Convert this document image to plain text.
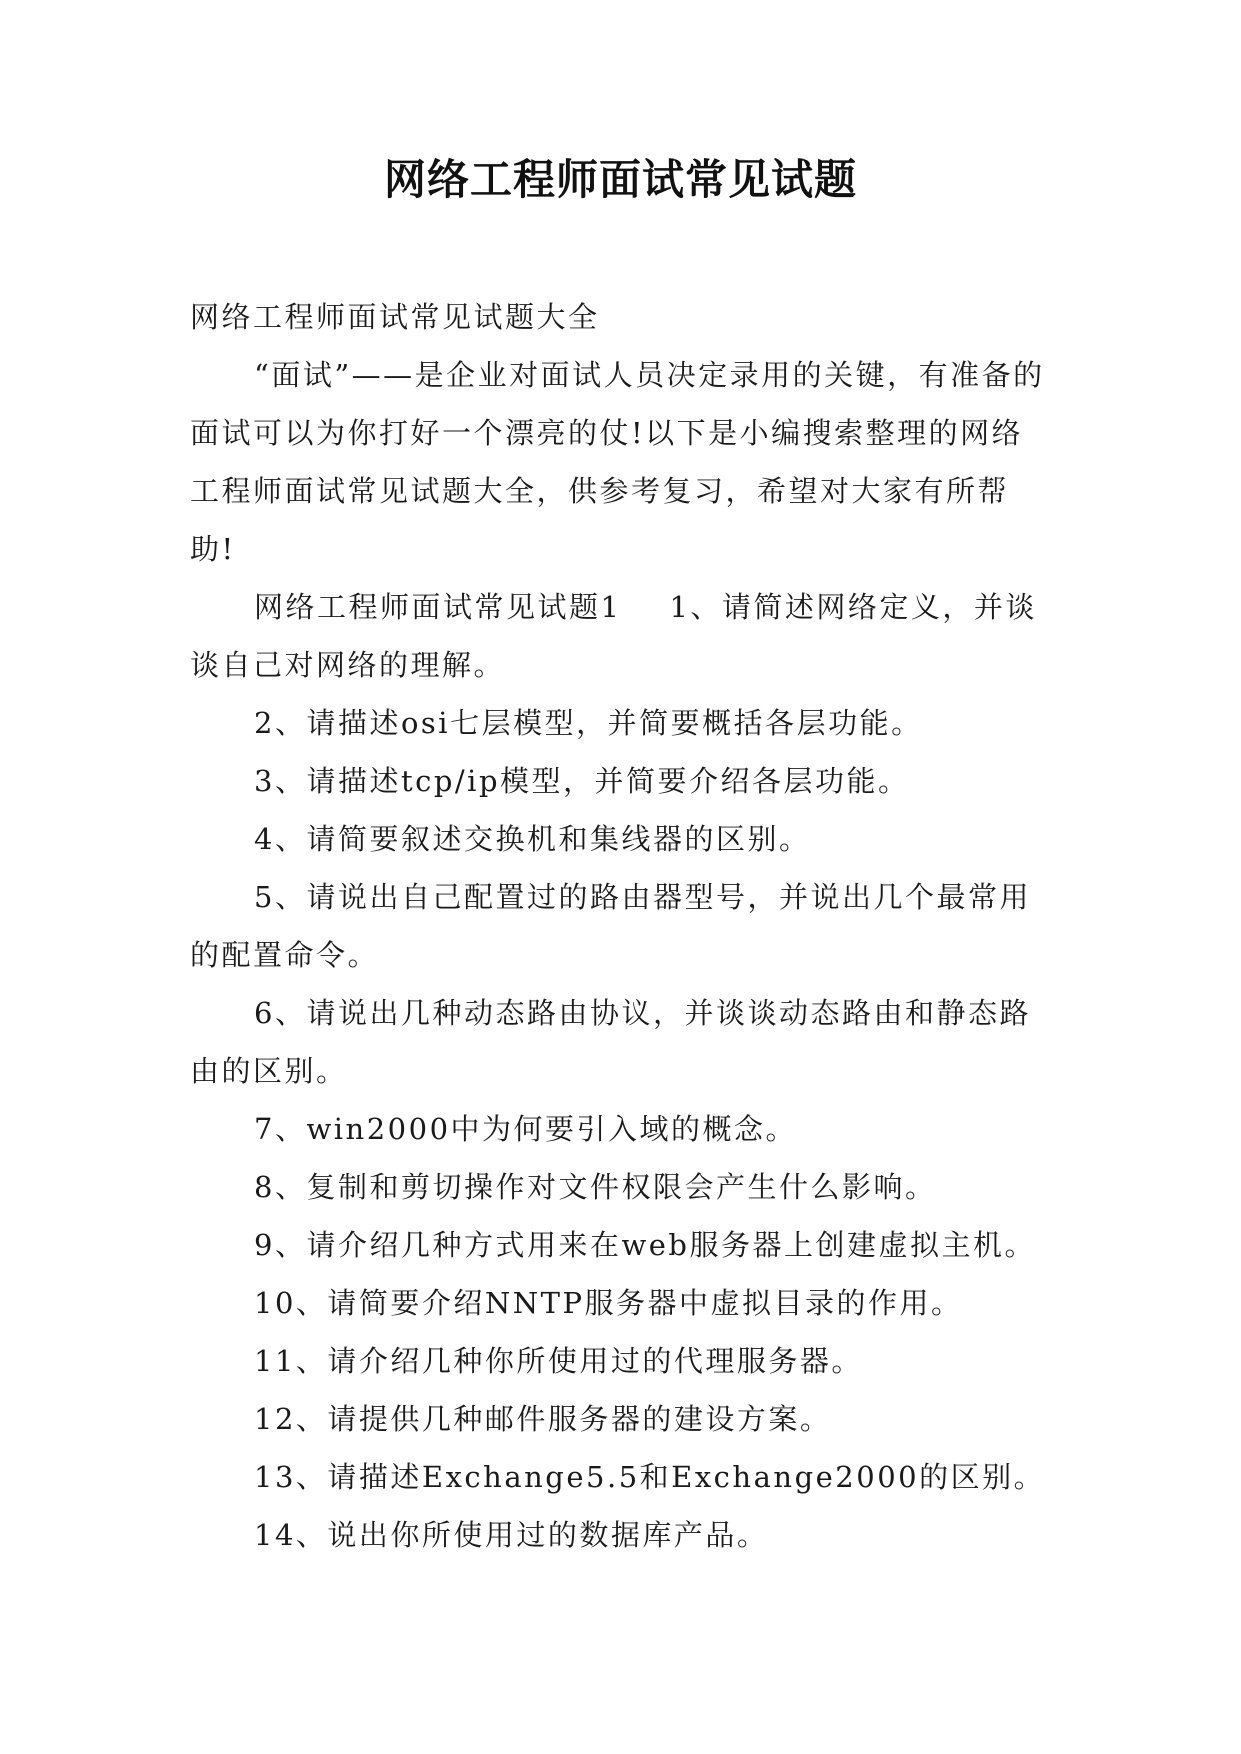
网络工程师面试常见试题

网络工程师面试常见试题大全

“面试”——是企业对面试人员决定录用的关键，有准备的面试可以为你打好一个漂亮的仗!以下是小编搜索整理的网络工程师面试常见试题大全，供参考复习，希望对大家有所帮助!

网络工程师面试常见试题1 1、请简述网络定义，并谈谈自己对网络的理解。

2、请描述osi七层模型，并简要概括各层功能。

3、请描述tcp/ip模型，并简要介绍各层功能。

4、请简要叙述交换机和集线器的区别。

5、请说出自己配置过的路由器型号，并说出几个最常用的配置命令。

6、请说出几种动态路由协议，并谈谈动态路由和静态路由的区别。

7、win2000中为何要引入域的概念。

8、复制和剪切操作对文件权限会产生什么影响。

9、请介绍几种方式用来在web服务器上创建虚拟主机。

10、请简要介绍NNTP服务器中虚拟目录的作用。

11、请介绍几种你所使用过的代理服务器。

12、请提供几种邮件服务器的建设方案。

13、请描述Exchange5.5和Exchange2000的区别。

14、说出你所使用过的数据库产品。
